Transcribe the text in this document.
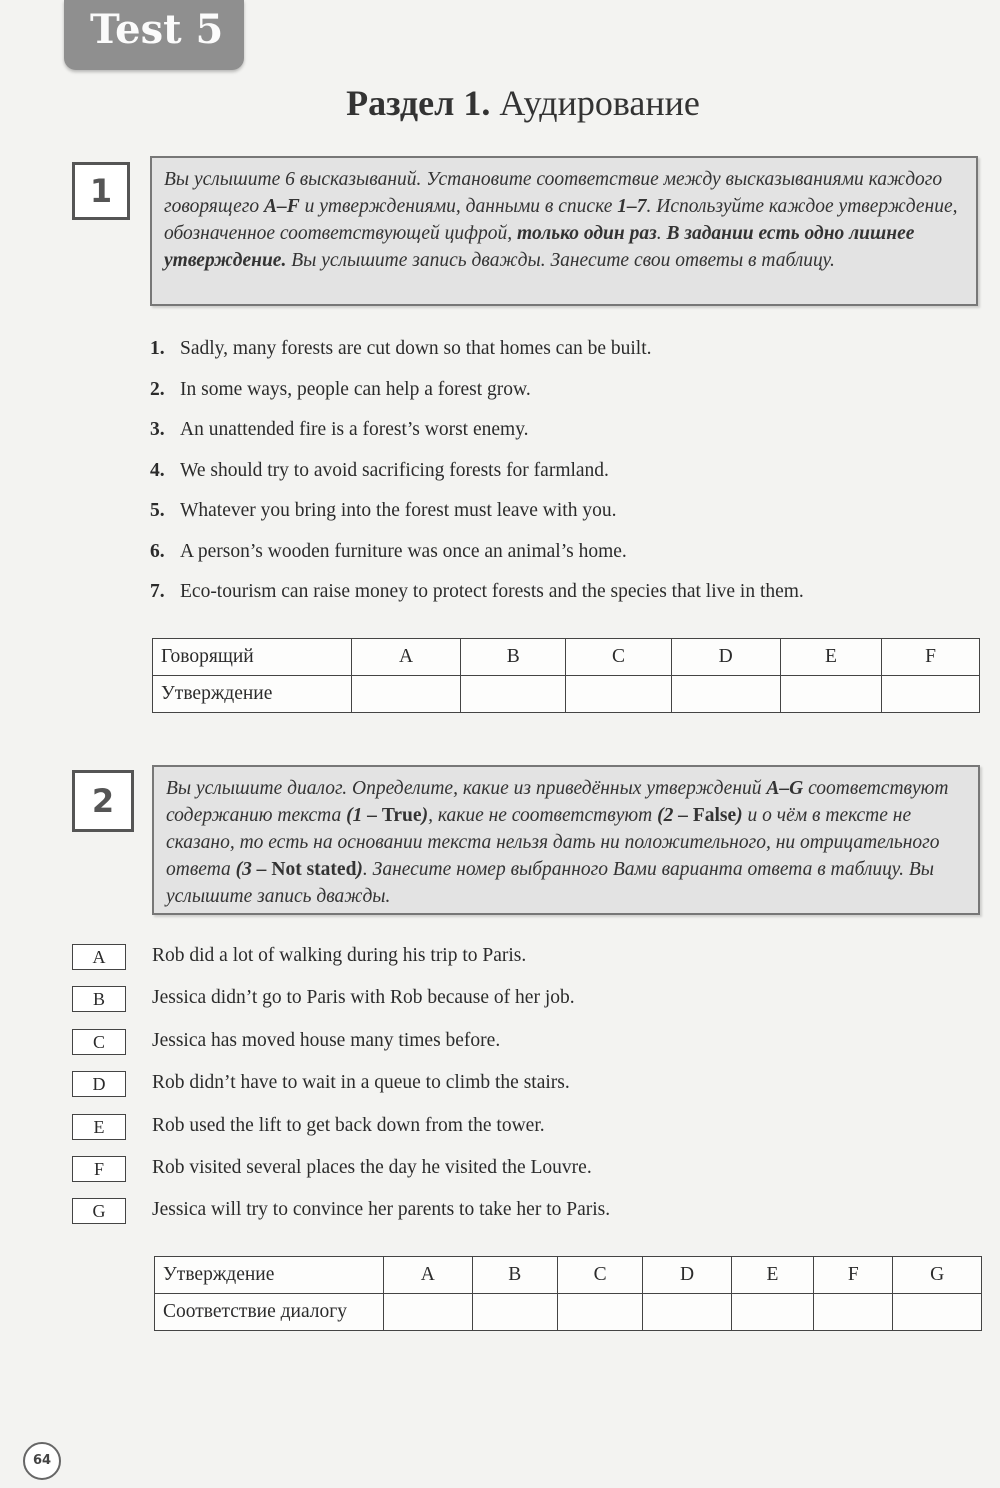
Test 5
Раздел 1. Аудирование
1	Вы услышите 6 высказываний. Установите соответствие между высказываниями каждого говорящего A–F и утверждениями, данными в списке 1–7. Используйте каждое утверждение, обозначенное соответствующей цифрой, только один раз. В задании есть одно лишнее утверждение. Вы услышите запись дважды. Занесите свои ответы в таблицу.
1. Sadly, many forests are cut down so that homes can be built.
2. In some ways, people can help a forest grow.
3. An unattended fire is a forest’s worst enemy.
4. We should try to avoid sacrificing forests for farmland.
5. Whatever you bring into the forest must leave with you.
6. A person’s wooden furniture was once an animal’s home.
7. Eco-tourism can raise money to protect forests and the species that live in them.
Говорящий	A	B	C	D	E	F
Утверждение						
2	Вы услышите диалог. Определите, какие из приведённых утверждений A–G соответствуют содержанию текста (1 – True), какие не соответствуют (2 – False) и о чём в тексте не сказано, то есть на основании текста нельзя дать ни положительного, ни отрицательного ответа (3 – Not stated). Занесите номер выбранного Вами варианта ответа в таблицу. Вы услышите запись дважды.
A	Rob did a lot of walking during his trip to Paris.
B	Jessica didn’t go to Paris with Rob because of her job.
C	Jessica has moved house many times before.
D	Rob didn’t have to wait in a queue to climb the stairs.
E	Rob used the lift to get back down from the tower.
F	Rob visited several places the day he visited the Louvre.
G	Jessica will try to convince her parents to take her to Paris.
Утверждение	A	B	C	D	E	F	G
Соответствие диалогу							
64
